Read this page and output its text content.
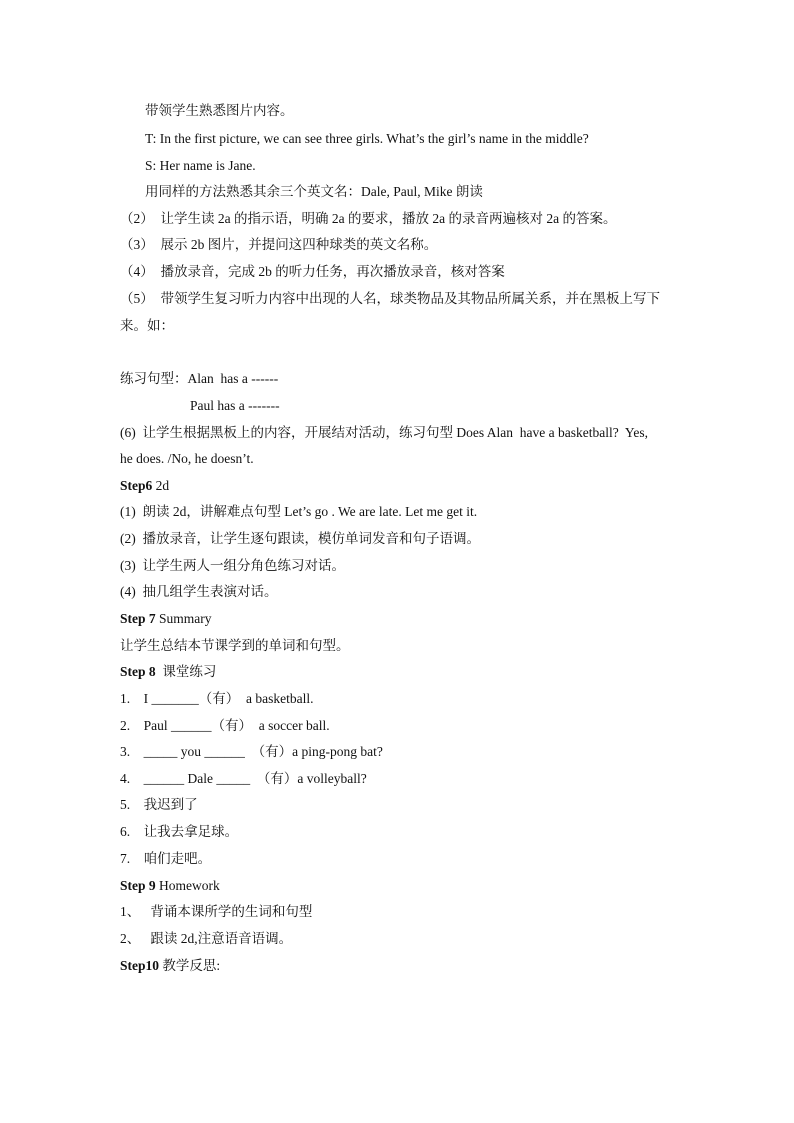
带领学生熟悉图片内容。
T: In the first picture, we can see three girls. What’s the girl’s name in the middle?
S: Her name is Jane.
用同样的方法熟悉其余三个英文名：Dale, Paul, Mike 朗读
（2）  让学生读 2a 的指示语，明确 2a 的要求，播放 2a 的录音两遍核对 2a 的答案。
（3）  展示 2b 图片，并提问这四种球类的英文名称。
（4）  播放录音，完成 2b 的听力任务，再次播放录音，核对答案
（5）  带领学生复习听力内容中出现的人名，球类物品及其物品所属关系，并在黑板上写下
来。如：
练习句型：Alan  has a ------
Paul has a -------
(6)  让学生根据黑板上的内容，开展结对活动，练习句型 Does Alan  have a basketball?  Yes,
he does. /No, he doesn’t.
Step6 2d
(1)  朗读 2d，讲解难点句型 Let’s go . We are late. Let me get it.
(2)  播放录音，让学生逐句跟读，模仿单词发音和句子语调。
(3)  让学生两人一组分角色练习对话。
(4)  抽几组学生表演对话。
Step 7 Summary
让学生总结本节课学到的单词和句型。
Step 8  课堂练习
1.    I _______（有）  a basketball.
2.    Paul ______（有）  a soccer ball.
3.    _____ you ______  （有）a ping-pong bat?
4.    ______ Dale _____  （有）a volleyball?
5.    我迟到了
6.    让我去拿足球。
7.    咱们走吧。
Step 9 Homework
1、   背诵本课所学的生词和句型
2、   跟读 2d,注意语音语调。
Step10 教学反思:
